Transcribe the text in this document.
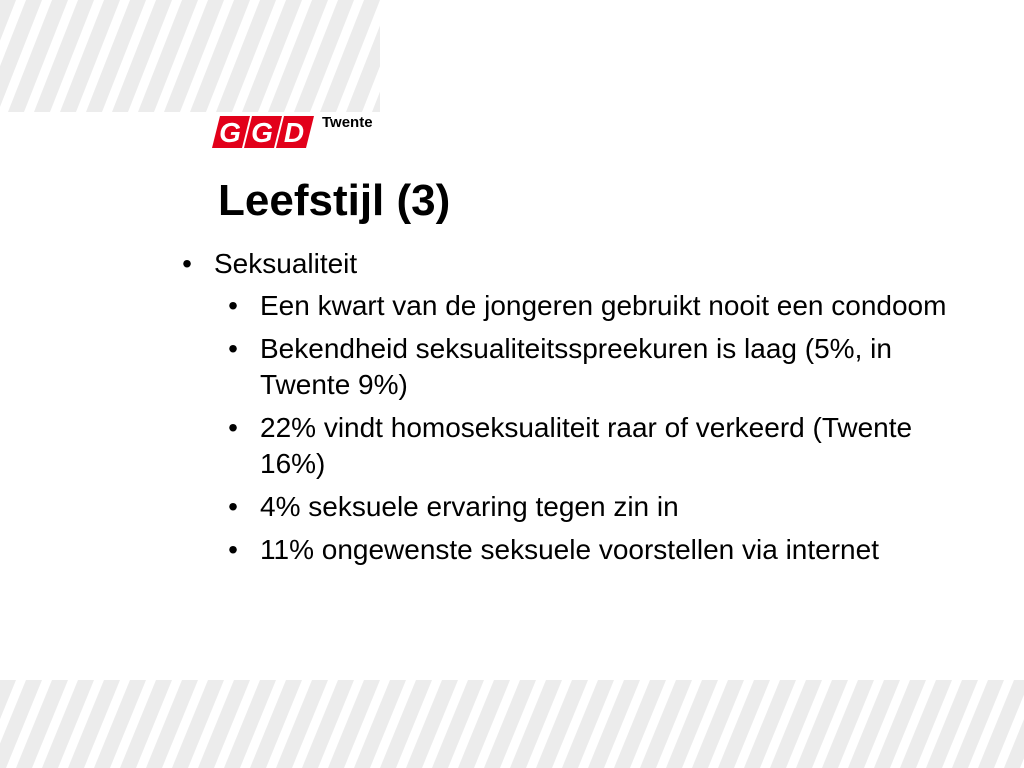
G G D Twente
Leefstijl (3)
• Seksualiteit
• Een kwart van de jongeren gebruikt nooit een condoom
• Bekendheid seksualiteitsspreekuren is laag (5%, in Twente 9%)
• 22% vindt homoseksualiteit raar of verkeerd (Twente 16%)
• 4% seksuele ervaring tegen zin in
• 11% ongewenste seksuele voorstellen via internet
